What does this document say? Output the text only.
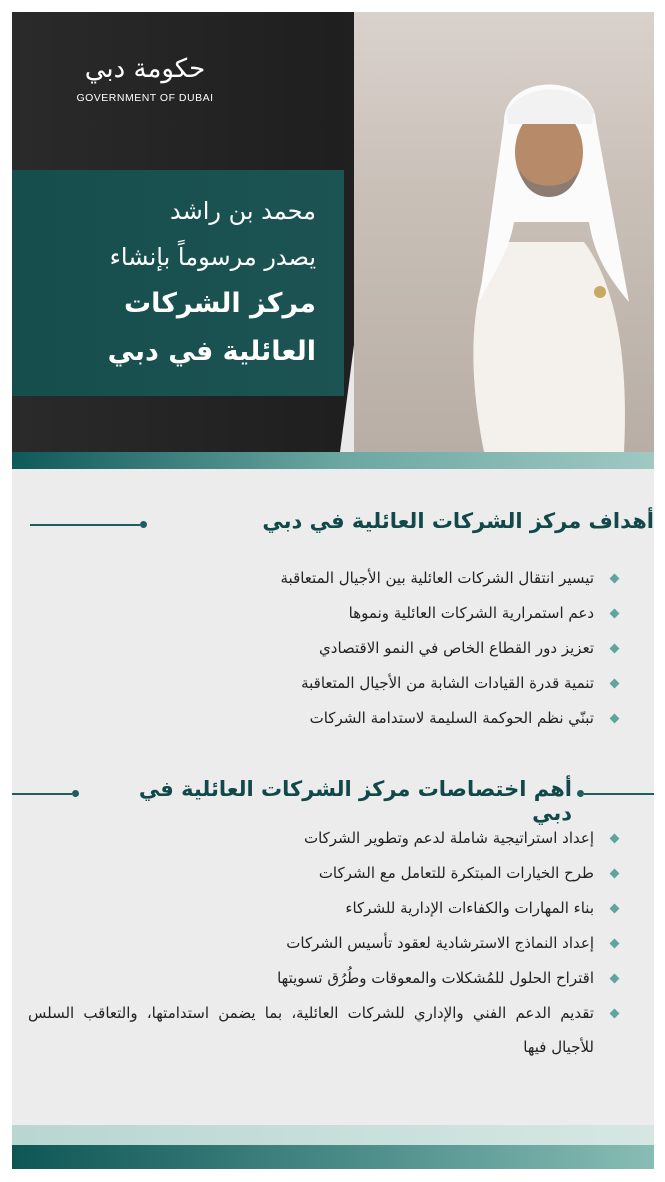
حكومة دبي
GOVERNMENT OF DUBAI
محمد بن راشد
يصدر مرسوماً بإنشاء
مركز الشركات
العائلية في دبي
أهداف مركز الشركات العائلية في دبي
تيسير انتقال الشركات العائلية بين الأجيال المتعاقبة
دعم استمرارية الشركات العائلية ونموها
تعزيز دور القطاع الخاص في النمو الاقتصادي
تنمية قدرة القيادات الشابة من الأجيال المتعاقبة
تبنّي نظم الحوكمة السليمة لاستدامة الشركات
أهم اختصاصات مركز الشركات العائلية في دبي
إعداد استراتيجية شاملة لدعم وتطوير الشركات
طرح الخيارات المبتكرة للتعامل مع الشركات
بناء المهارات والكفاءات الإدارية للشركاء
إعداد النماذج الاسترشادية لعقود تأسيس الشركات
اقتراح الحلول للمُشكلات والمعوقات وطُرُق تسويتها
تقديم الدعم الفني والإداري للشركات العائلية، بما يضمن استدامتها، والتعاقب السلس للأجيال فيها
